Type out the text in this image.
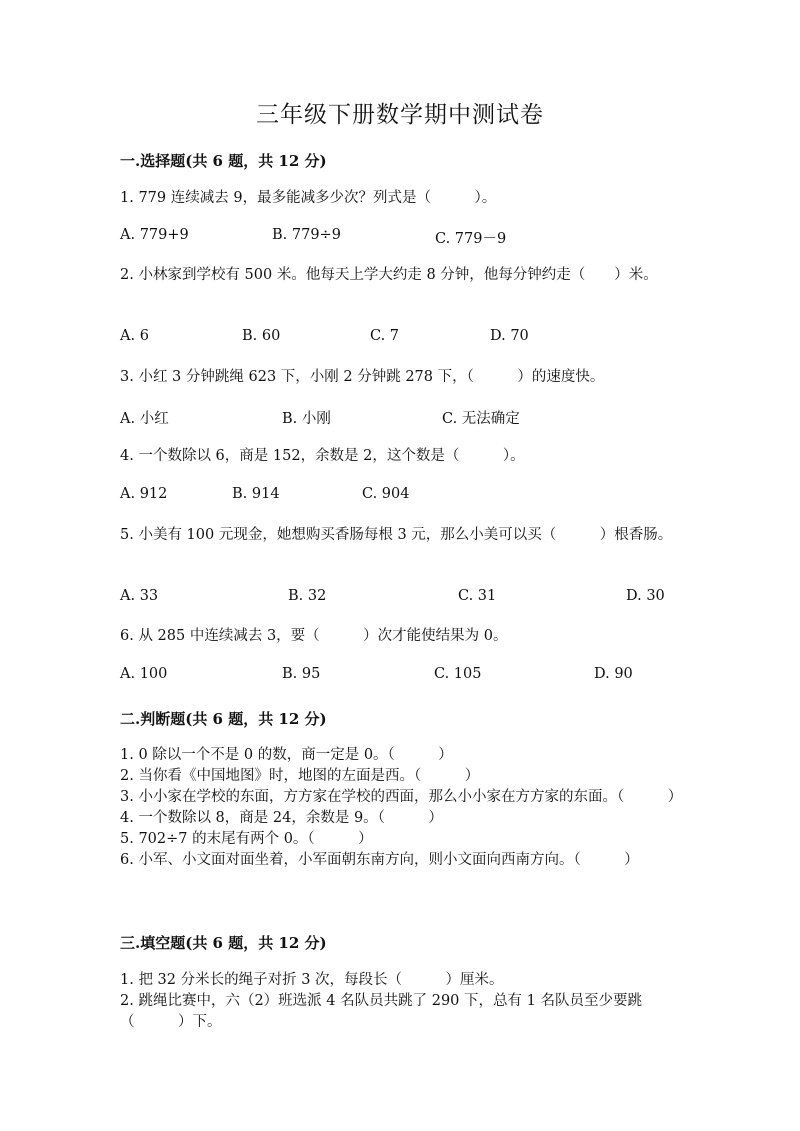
三年级下册数学期中测试卷
一.选择题(共 6 题，共 12 分)
1. 779 连续减去 9，最多能减多少次？列式是（　　　）。
A. 779+9	B. 779÷9	C. 779－9
2. 小林家到学校有 500 米。他每天上学大约走 8 分钟，他每分钟约走（　　）米。
A. 6	B. 60	C. 7	D. 70
3. 小红 3 分钟跳绳 623 下，小刚 2 分钟跳 278 下，（　　　）的速度快。
A. 小红	B. 小刚	C. 无法确定
4. 一个数除以 6，商是 152，余数是 2，这个数是（　　　）。
A. 912	B. 914	C. 904
5. 小美有 100 元现金，她想购买香肠每根 3 元，那么小美可以买（　　　）根香肠。
A. 33	B. 32	C. 31	D. 30
6. 从 285 中连续减去 3，要（　　　）次才能使结果为 0。
A. 100	B. 95	C. 105	D. 90
二.判断题(共 6 题，共 12 分)
1. 0 除以一个不是 0 的数，商一定是 0。（　　　）
2. 当你看《中国地图》时，地图的左面是西。（　　　）
3. 小小家在学校的东面，方方家在学校的西面，那么小小家在方方家的东面。（　　　）
4. 一个数除以 8，商是 24，余数是 9。（　　　）
5. 702÷7 的末尾有两个 0。（　　　）
6. 小军、小文面对面坐着，小军面朝东南方向，则小文面向西南方向。（　　　）
三.填空题(共 6 题，共 12 分)
1. 把 32 分米长的绳子对折 3 次，每段长（　　　）厘米。
2. 跳绳比赛中，六（2）班选派 4 名队员共跳了 290 下，总有 1 名队员至少要跳（　　　）下。
